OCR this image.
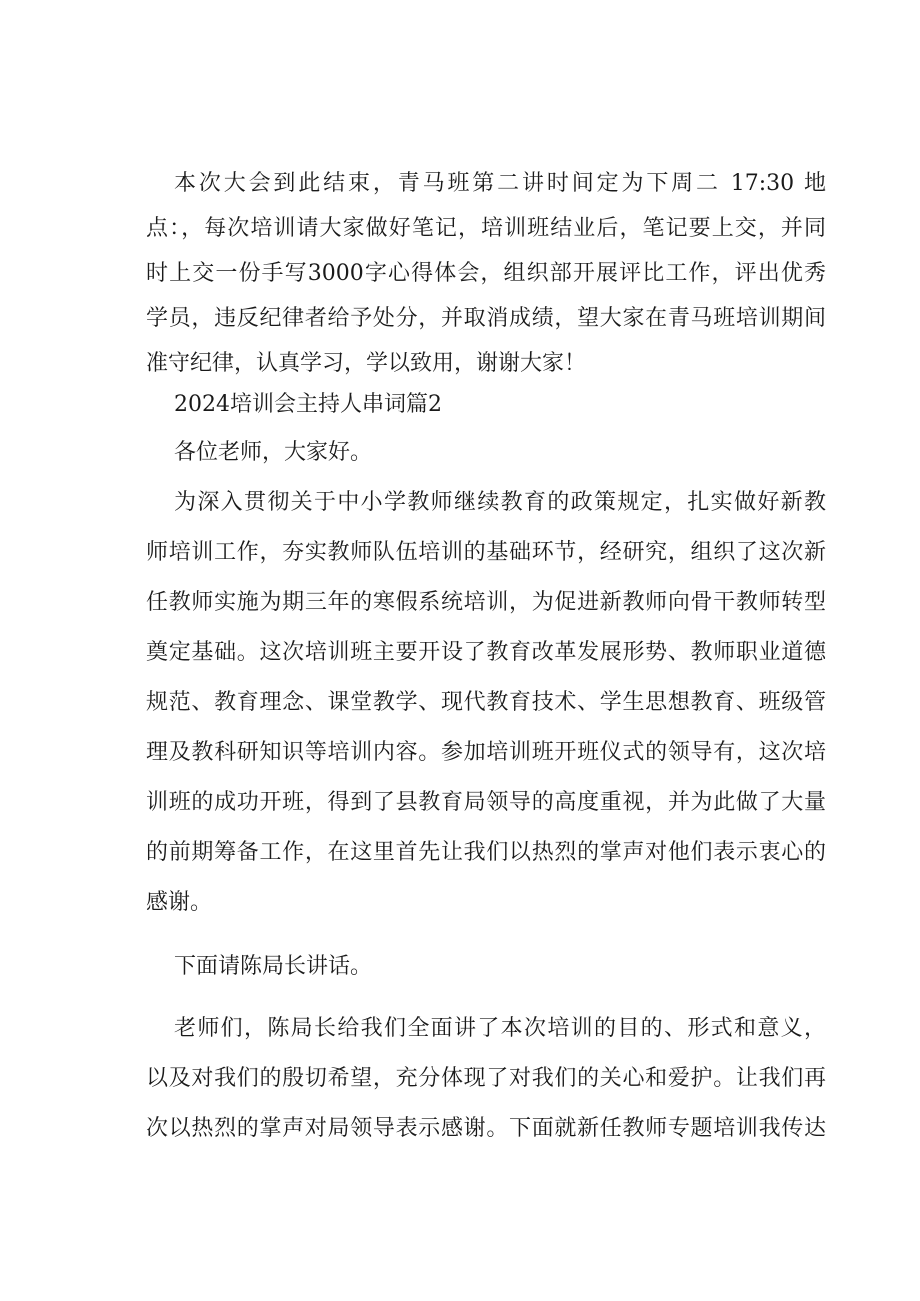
本次大会到此结束，青马班第二讲时间定为下周二 17:30 地
点：，每次培训请大家做好笔记，培训班结业后，笔记要上交，并同
时上交一份手写3000字心得体会，组织部开展评比工作，评出优秀
学员，违反纪律者给予处分，并取消成绩，望大家在青马班培训期间
准守纪律，认真学习，学以致用，谢谢大家！
2024培训会主持人串词篇2
各位老师，大家好。
为深入贯彻关于中小学教师继续教育的政策规定，扎实做好新教
师培训工作，夯实教师队伍培训的基础环节，经研究，组织了这次新
任教师实施为期三年的寒假系统培训，为促进新教师向骨干教师转型
奠定基础。这次培训班主要开设了教育改革发展形势、教师职业道德
规范、教育理念、课堂教学、现代教育技术、学生思想教育、班级管
理及教科研知识等培训内容。参加培训班开班仪式的领导有，这次培
训班的成功开班，得到了县教育局领导的高度重视，并为此做了大量
的前期筹备工作，在这里首先让我们以热烈的掌声对他们表示衷心的
感谢。
下面请陈局长讲话。
老师们，陈局长给我们全面讲了本次培训的目的、形式和意义，
以及对我们的殷切希望，充分体现了对我们的关心和爱护。让我们再
次以热烈的掌声对局领导表示感谢。下面就新任教师专题培训我传达
